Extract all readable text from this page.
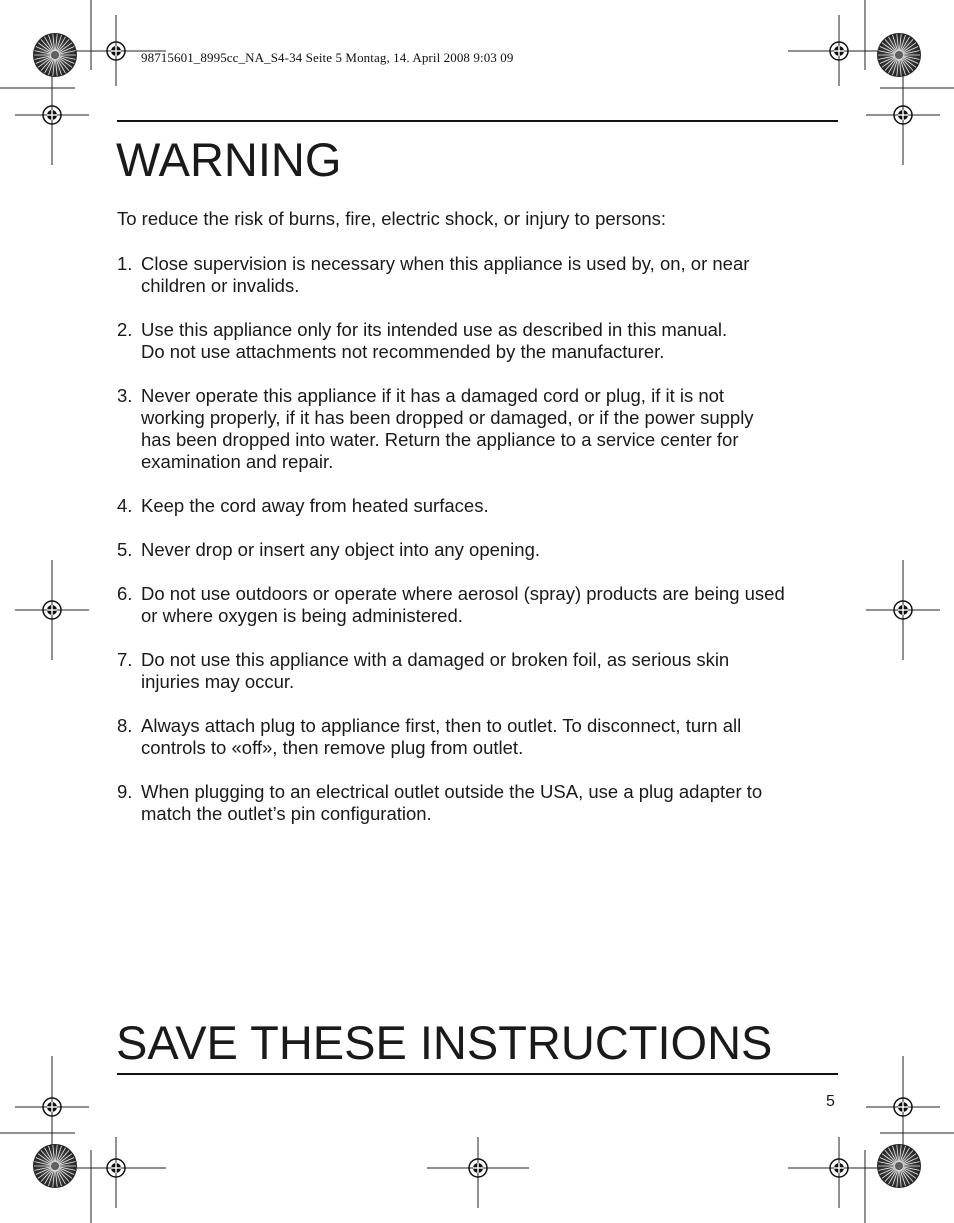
98715601_8995cc_NA_S4-34 Seite 5 Montag, 14. April 2008 9:03 09
WARNING

To reduce the risk of burns, fire, electric shock, or injury to persons:

1. Close supervision is necessary when this appliance is used by, on, or near
children or invalids.
2. Use this appliance only for its intended use as described in this manual.
Do not use attachments not recommended by the manufacturer.
3. Never operate this appliance if it has a damaged cord or plug, if it is not
working properly, if it has been dropped or damaged, or if the power supply
has been dropped into water. Return the appliance to a service center for
examination and repair.
4. Keep the cord away from heated surfaces.
5. Never drop or insert any object into any opening.
6. Do not use outdoors or operate where aerosol (spray) products are being used
or where oxygen is being administered.
7. Do not use this appliance with a damaged or broken foil, as serious skin
injuries may occur.
8. Always attach plug to appliance first, then to outlet. To disconnect, turn all
controls to «off», then remove plug from outlet.
9. When plugging to an electrical outlet outside the USA, use a plug adapter to
match the outlet’s pin configuration.
SAVE THESE INSTRUCTIONS
5
